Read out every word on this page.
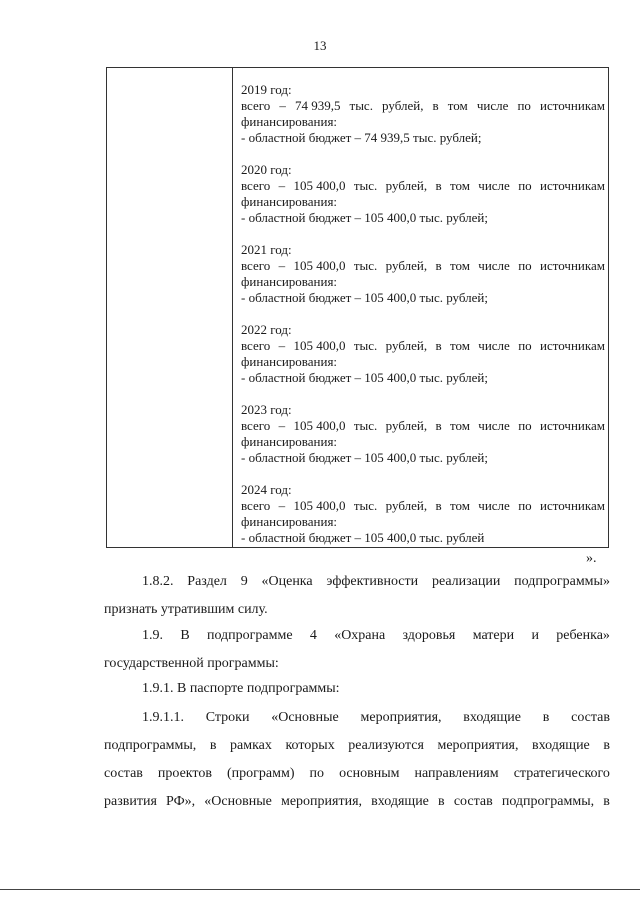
13
2019 год:
всего – 74 939,5 тыс. рублей, в том числе по источникам
финансирования:
- областной бюджет – 74 939,5 тыс. рублей;
2020 год:
всего – 105 400,0 тыс. рублей, в том числе по источникам
финансирования:
- областной бюджет – 105 400,0 тыс. рублей;
2021 год:
всего – 105 400,0 тыс. рублей, в том числе по источникам
финансирования:
- областной бюджет – 105 400,0 тыс. рублей;
2022 год:
всего – 105 400,0 тыс. рублей, в том числе по источникам
финансирования:
- областной бюджет – 105 400,0 тыс. рублей;
2023 год:
всего – 105 400,0 тыс. рублей, в том числе по источникам
финансирования:
- областной бюджет – 105 400,0 тыс. рублей;
2024 год:
всего – 105 400,0 тыс. рублей, в том числе по источникам
финансирования:
- областной бюджет – 105 400,0 тыс. рублей
».
1.8.2. Раздел 9 «Оценка эффективности реализации подпрограммы»
признать утратившим силу.
1.9. В подпрограмме 4 «Охрана здоровья матери и ребенка»
государственной программы:
1.9.1. В паспорте подпрограммы:
1.9.1.1. Строки «Основные мероприятия, входящие в состав
подпрограммы, в рамках которых реализуются мероприятия, входящие в
состав проектов (программ) по основным направлениям стратегического
развития РФ», «Основные мероприятия, входящие в состав подпрограммы, в
